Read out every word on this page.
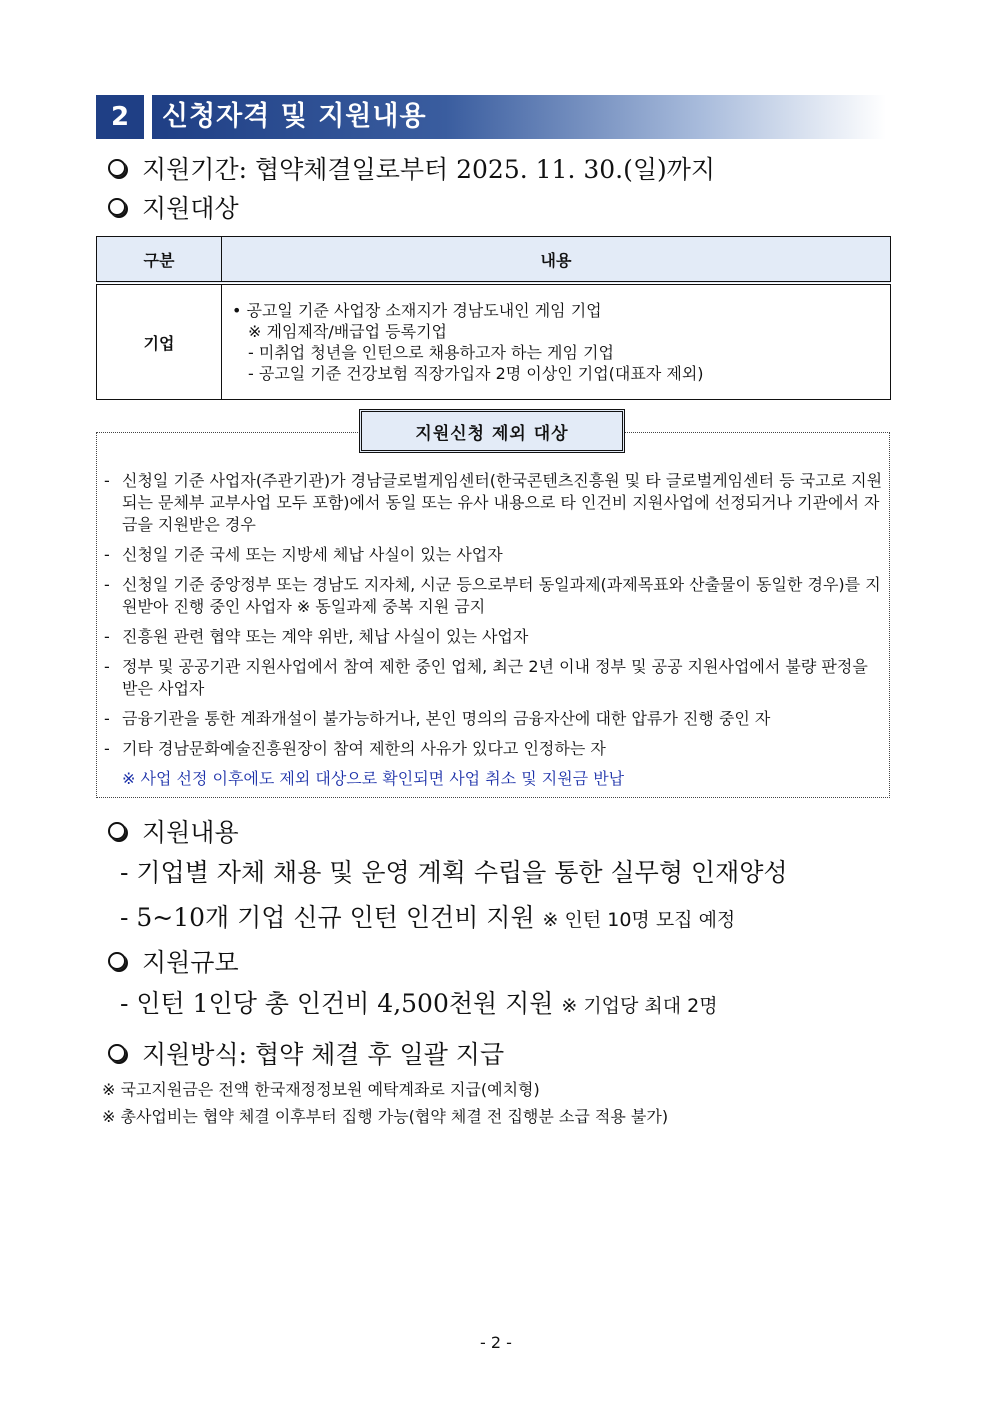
2	신청자격 및 지원내용
지원기간: 협약체결일로부터 2025. 11. 30.(일)까지
지원대상
구분	내용
기업	• 공고일 기준 사업장 소재지가 경남도내인 게임 기업
※ 게임제작/배급업 등록기업
- 미취업 청년을 인턴으로 채용하고자 하는 게임 기업
- 공고일 기준 건강보험 직장가입자 2명 이상인 기업(대표자 제외)
지원신청 제외 대상
- 신청일 기준 사업자(주관기관)가 경남글로벌게임센터(한국콘텐츠진흥원 및 타 글로벌게임센터 등 국고로 지원되는 문체부 교부사업 모두 포함)에서 동일 또는 유사 내용으로 타 인건비 지원사업에 선정되거나 기관에서 자금을 지원받은 경우
- 신청일 기준 국세 또는 지방세 체납 사실이 있는 사업자
- 신청일 기준 중앙정부 또는 경남도 지자체, 시군 등으로부터 동일과제(과제목표와 산출물이 동일한 경우)를 지원받아 진행 중인 사업자 ※ 동일과제 중복 지원 금지
- 진흥원 관련 협약 또는 계약 위반, 체납 사실이 있는 사업자
- 정부 및 공공기관 지원사업에서 참여 제한 중인 업체, 최근 2년 이내 정부 및 공공 지원사업에서 불량 판정을 받은 사업자
- 금융기관을 통한 계좌개설이 불가능하거나, 본인 명의의 금융자산에 대한 압류가 진행 중인 자
- 기타 경남문화예술진흥원장이 참여 제한의 사유가 있다고 인정하는 자
※ 사업 선정 이후에도 제외 대상으로 확인되면 사업 취소 및 지원금 반납
지원내용
- 기업별 자체 채용 및 운영 계획 수립을 통한 실무형 인재양성
- 5~10개 기업 신규 인턴 인건비 지원 ※ 인턴 10명 모집 예정
지원규모
- 인턴 1인당 총 인건비 4,500천원 지원 ※ 기업당 최대 2명
지원방식: 협약 체결 후 일괄 지급
※ 국고지원금은 전액 한국재정정보원 예탁계좌로 지급(예치형)
※ 총사업비는 협약 체결 이후부터 집행 가능(협약 체결 전 집행분 소급 적용 불가)
- 2 -
